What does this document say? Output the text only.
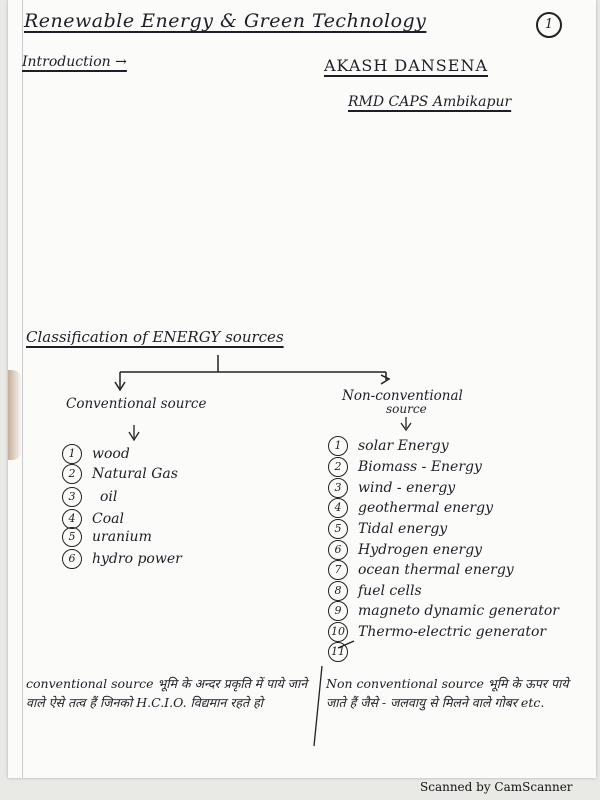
Renewable Energy & Green Technology	1
Introduction →	AKASH DANSENA
RMD CAPS Ambikapur
Classification of ENERGY sources
Conventional source
1	wood
2	Natural Gas
3	oil
4	Coal
5	uranium
6	hydro power
Non-conventional
source
1	solar Energy
2	Biomass - Energy
3	wind - energy
4	geothermal energy
5	Tidal energy
6	Hydrogen energy
7	ocean thermal energy
8	fuel cells
9	magneto dynamic generator
10 Thermo-electric generator
11
conventional source भूमि के अन्दर प्रकृति में पाये जाने वाले ऐसे तत्व हैं जिनको H.C.I.O. विद्यमान रहते हो
Non conventional source भूमि के ऊपर पाये जाते हैं जैसे - जलवायु से मिलने वाले गोबर etc.
Scanned by CamScanner
